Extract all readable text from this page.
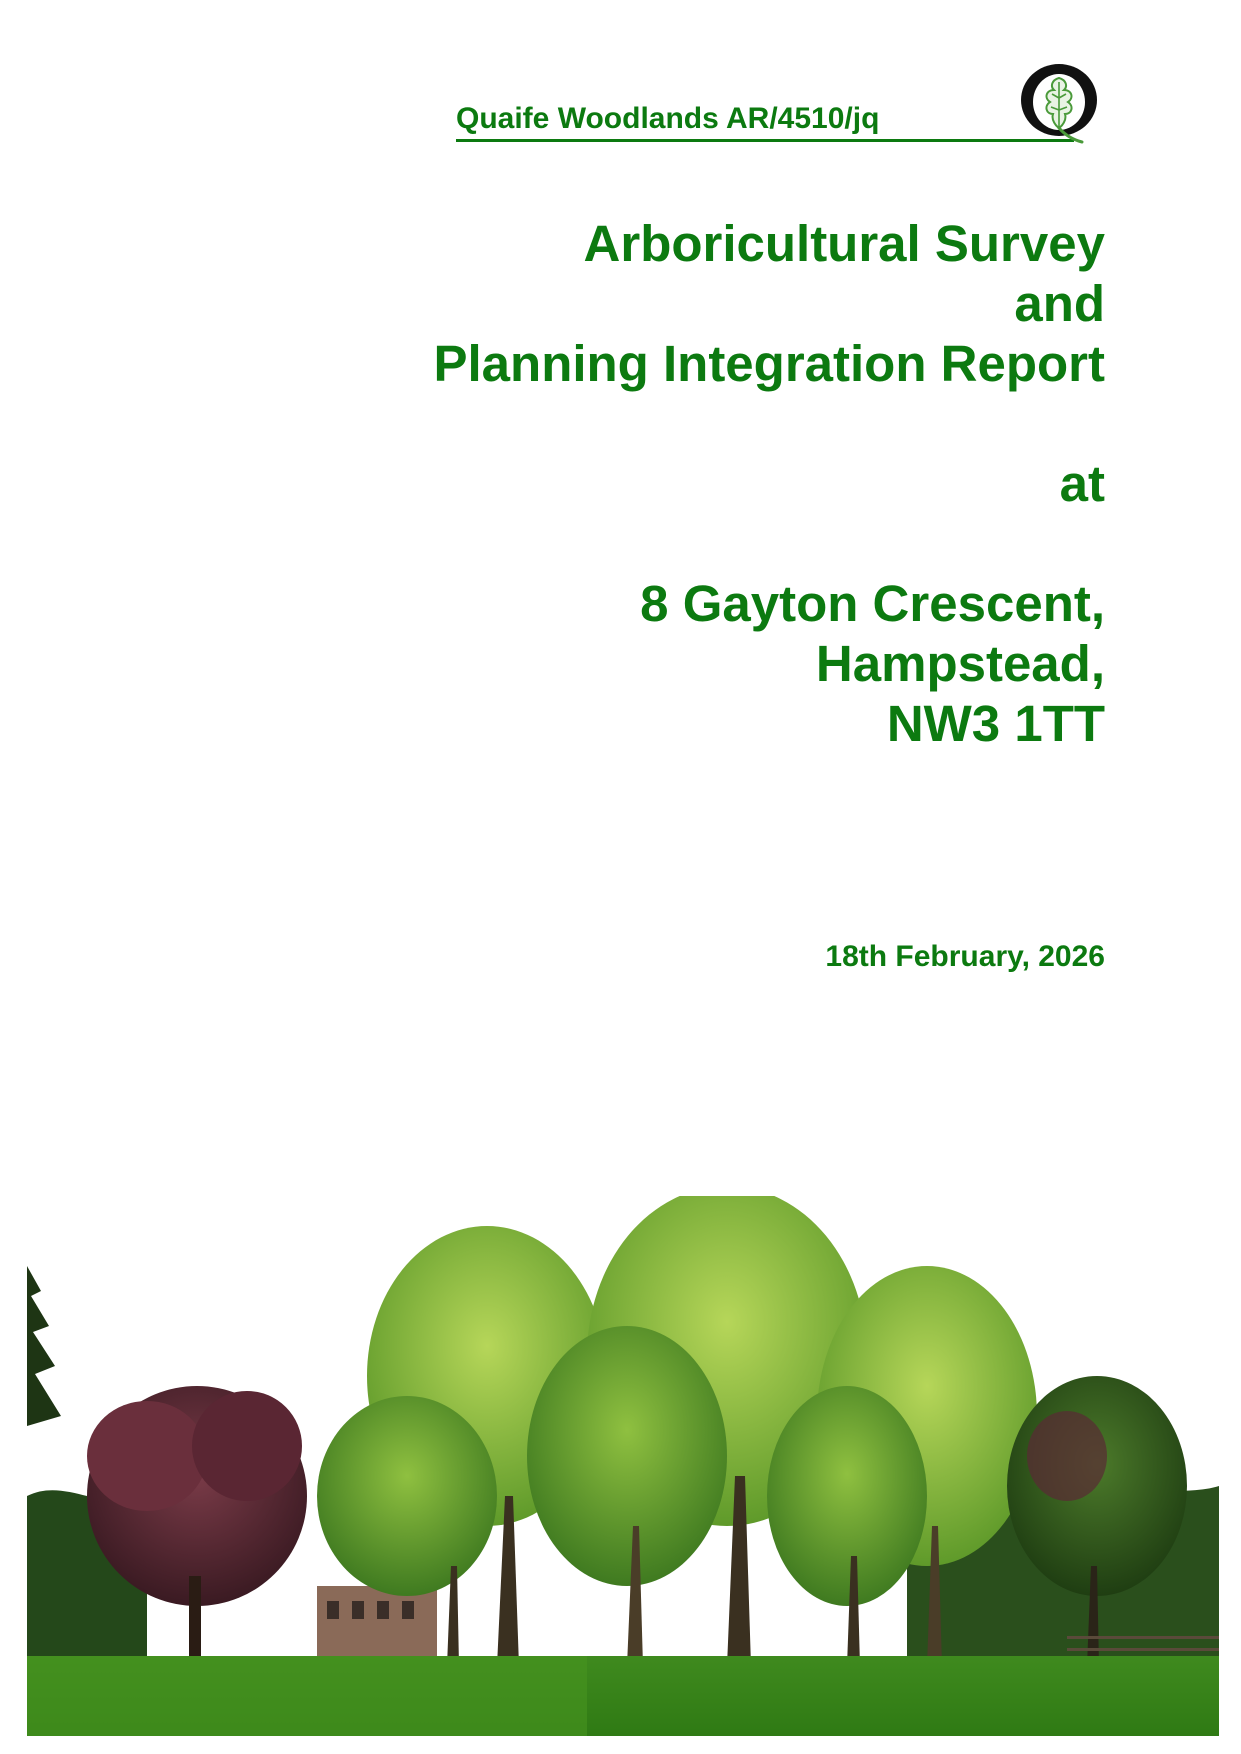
Quaife Woodlands AR/4510/jq
Arboricultural Survey
and
Planning Integration Report
at
8 Gayton Crescent,
Hampstead,
NW3 1TT
18th February, 2026
